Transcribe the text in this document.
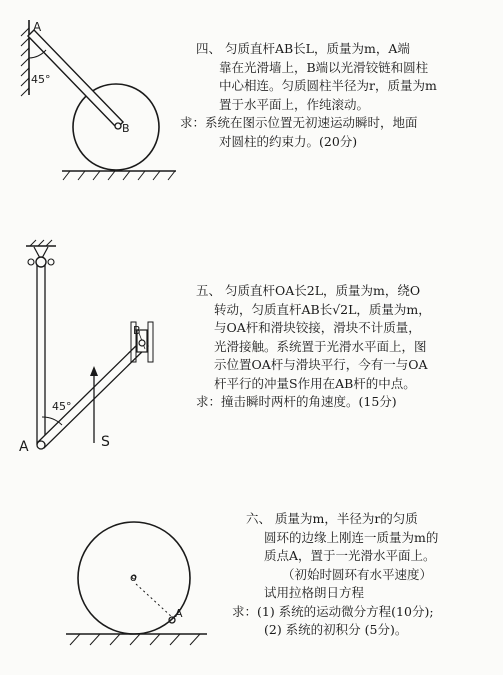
A
B
45°
A
B
S
45°
o
A
四、 匀质直杆AB长L，质量为m，A端
靠在光滑墙上，B端以光滑铰链和圆柱
中心相连。匀质圆柱半径为r，质量为m
置于水平面上，作纯滚动。
求：系统在图示位置无初速运动瞬时，地面
对圆柱的约束力。(20分)
五、 匀质直杆OA长2L，质量为m，绕O
转动，匀质直杆AB长√2L，质量为m，
与OA杆和滑块铰接，滑块不计质量，
光滑接触。系统置于光滑水平面上，图
示位置OA杆与滑块平行，今有一与OA
杆平行的冲量S作用在AB杆的中点。
求：撞击瞬时两杆的角速度。(15分)
六、 质量为m，半径为r的匀质
圆环的边缘上刚连一质量为m的
质点A，置于一光滑水平面上。
（初始时圆环有水平速度）
试用拉格朗日方程
求：(1) 系统的运动微分方程(10分);
(2) 系统的初积分 (5分)。
